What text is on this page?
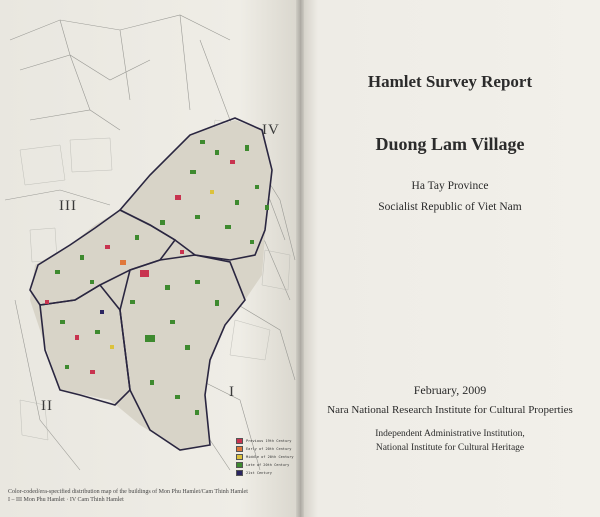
IV
III
II
I
Previous 19th Century
Early of 20th Century
Middle of 20th Century
Late of 20th Century
21st Century
Color-coded/era-specified distribution map of the buildings of Mon Phu Hamlet/Cam Thinh Hamlet
I – III Mon Phu Hamlet · IV Cam Thinh Hamlet
Hamlet Survey Report
Duong Lam Village
Ha Tay Province
Socialist Republic of Viet Nam
February, 2009
Nara National Research Institute for Cultural Properties
Independent Administrative Institution,
National Institute for Cultural Heritage
